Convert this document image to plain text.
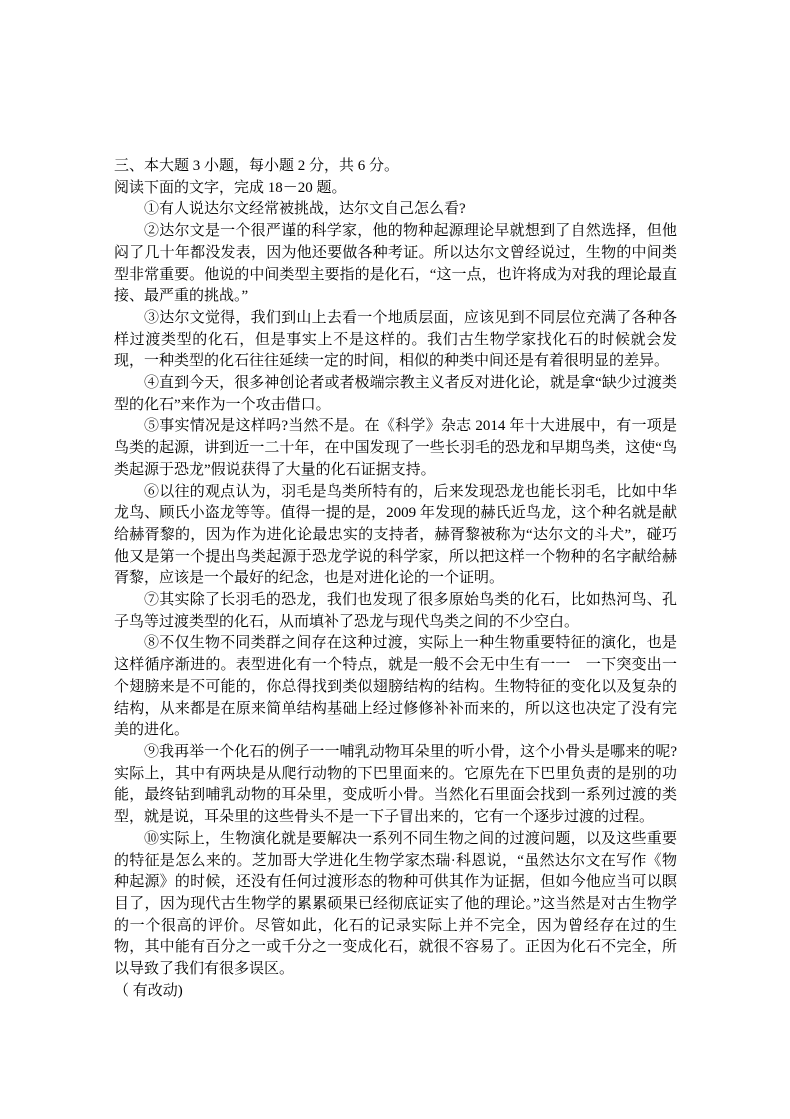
三、本大题 3 小题，每小题 2 分，共 6 分。

阅读下面的文字，完成 18－20 题。

①有人说达尔文经常被挑战，达尔文自己怎么看?

②达尔文是一个很严谨的科学家，他的物种起源理论早就想到了自然选择，但他闷了几十年都没发表，因为他还要做各种考证。所以达尔文曾经说过，生物的中间类型非常重要。他说的中间类型主要指的是化石，“这一点，也许将成为对我的理论最直接、最严重的挑战。”

③达尔文觉得，我们到山上去看一个地质层面，应该见到不同层位充满了各种各样过渡类型的化石，但是事实上不是这样的。我们古生物学家找化石的时候就会发现，一种类型的化石往往延续一定的时间，相似的种类中间还是有着很明显的差异。

④直到今天，很多神创论者或者极端宗教主义者反对进化论，就是拿“缺少过渡类型的化石”来作为一个攻击借口。

⑤事实情况是这样吗?当然不是。在《科学》杂志 2014 年十大进展中，有一项是鸟类的起源，讲到近一二十年，在中国发现了一些长羽毛的恐龙和早期鸟类，这使“鸟类起源于恐龙”假说获得了大量的化石证据支持。

⑥以往的观点认为，羽毛是鸟类所特有的，后来发现恐龙也能长羽毛，比如中华龙鸟、顾氏小盗龙等等。值得一提的是，2009 年发现的赫氏近鸟龙，这个种名就是献给赫胥黎的，因为作为进化论最忠实的支持者，赫胥黎被称为“达尔文的斗犬”，碰巧他又是第一个提出鸟类起源于恐龙学说的科学家，所以把这样一个物种的名字献给赫胥黎，应该是一个最好的纪念，也是对进化论的一个证明。

⑦其实除了长羽毛的恐龙，我们也发现了很多原始鸟类的化石，比如热河鸟、孔子鸟等过渡类型的化石，从而填补了恐龙与现代鸟类之间的不少空白。

⑧不仅生物不同类群之间存在这种过渡，实际上一种生物重要特征的演化，也是这样循序渐进的。表型进化有一个特点，就是一般不会无中生有一一　一下突变出一个翅膀来是不可能的，你总得找到类似翅膀结构的结构。生物特征的变化以及复杂的结构，从来都是在原来简单结构基础上经过修修补补而来的，所以这也决定了没有完美的进化。

⑨我再举一个化石的例子一一哺乳动物耳朵里的听小骨，这个小骨头是哪来的呢?实际上，其中有两块是从爬行动物的下巴里面来的。它原先在下巴里负责的是别的功能，最终钻到哺乳动物的耳朵里，变成听小骨。当然化石里面会找到一系列过渡的类型，就是说，耳朵里的这些骨头不是一下子冒出来的，它有一个逐步过渡的过程。

⑩实际上，生物演化就是要解决一系列不同生物之间的过渡问题，以及这些重要的特征是怎么来的。芝加哥大学进化生物学家杰瑞·科恩说，“虽然达尔文在写作《物种起源》的时候，还没有任何过渡形态的物种可供其作为证据，但如今他应当可以瞑目了，因为现代古生物学的累累硕果已经彻底证实了他的理论。”这当然是对古生物学的一个很高的评价。尽管如此，化石的记录实际上并不完全，因为曾经存在过的生物，其中能有百分之一或千分之一变成化石，就很不容易了。正因为化石不完全，所以导致了我们有很多误区。

（ 有改动)
